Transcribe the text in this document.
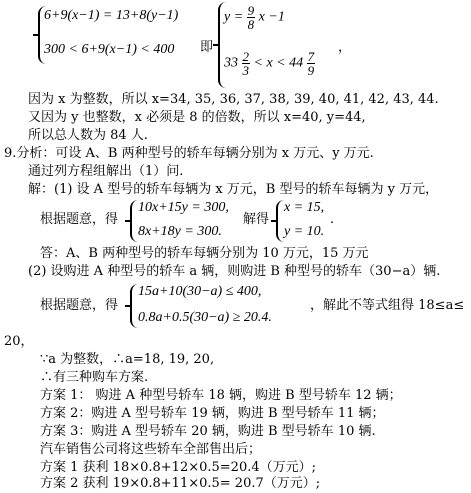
6+9(x−1) = 13+8(y−1)
300 < 6+9(x−1) < 400 即
$y = \frac{9}{8}$ x −1
，
$33 \frac{2}{3} < x < 44 \frac{7}{9}$
因为 x 为整数，所以 x=34, 35, 36, 37, 38, 39, 40, 41, 42, 43, 44.
又因为 y 也整数，x 必须是 8 的倍数，所以 x=40, y=44,
所以总人数为 84 人.
9.分析：可设 A、B 两种型号的轿车每辆分别为 x 万元、y 万元.
通过列方程组解出（1）问.
解：(1) 设 A 型号的轿车每辆为 x 万元，B 型号的轿车每辆为 y 万元，
根据题意，得
10x+15y = 300,
8x+18y = 300.
解得
x = 15,
y = 10.
.
答：A、B 两种型号的轿车每辆分别为 10 万元，15 万元
(2) 设购进 A 种型号的轿车 a 辆，则购进 B 种型号的轿车（30−a）辆.
根据题意，得
15a+10(30−a) ≤ 400,
0.8a+0.5(30−a) ≥ 20.4.
，解此不等式组得 18≤a≤
20，
∵a 为整数，∴a=18, 19, 20,
∴有三种购车方案.
方案 1： 购进 A 种型号轿车 18 辆，购进 B 型号轿车 12 辆；
方案 2：购进 A 型号轿车 19 辆，购进 B 型号轿车 11 辆；
方案 3：购进 A 型号轿车 20 辆，购进 B 型号轿车 10 辆.
汽车销售公司将这些轿车全部售出后；
方案 1 获利 18×0.8+12×0.5=20.4（万元）;
方案 2 获利 19×0.8+11×0.5= 20.7（万元）;
